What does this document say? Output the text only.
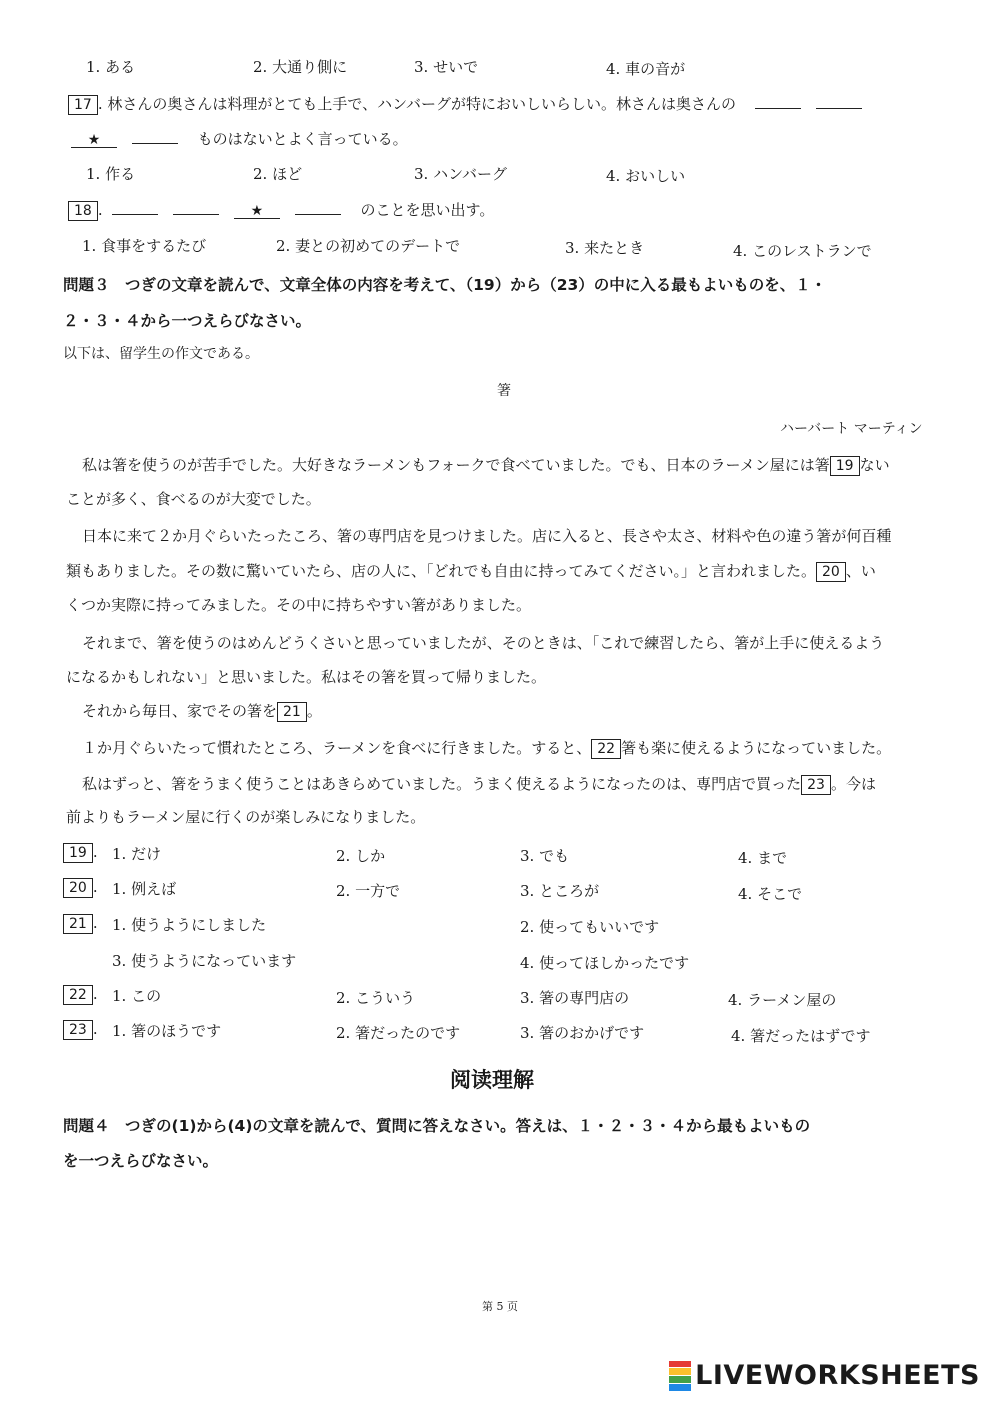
1. ある	2. 大通り側に	3. せいで	4. 車の音が
17 . 林さんの奥さんは料理がとても上手で、ハンバーグが特においしいらしい。林さんは奥さんの
★	ものはないとよく言っている。
1. 作る	2. ほど	3. ハンバーグ	4. おいしい
18 .	★	のことを思い出す。
1. 食事をするたび	2. 妻との初めてのデートで	3. 来たとき	4. このレストランで
問題３　つぎの文章を読んで、文章全体の内容を考えて、（19）から（23）の中に入る最もよいものを、１・
２・３・４から一つえらびなさい。
以下は、留学生の作文である。
箸
ハーバート マーティン
私は箸を使うのが苦手でした。大好きなラーメンもフォークで食べていました。でも、日本のラーメン屋には箸 19 ない
ことが多く、食べるのが大変でした。
日本に来て２か月ぐらいたったころ、箸の専門店を見つけました。店に入ると、長さや太さ、材料や色の違う箸が何百種
類もありました。その数に驚いていたら、店の人に、「どれでも自由に持ってみてください。」と言われました。 20 、い
くつか実際に持ってみました。その中に持ちやすい箸がありました。
それまで、箸を使うのはめんどうくさいと思っていましたが、そのときは、「これで練習したら、箸が上手に使えるよう
になるかもしれない」と思いました。私はその箸を買って帰りました。
それから毎日、家でその箸を 21 。
１か月ぐらいたって慣れたところ、ラーメンを食べに行きました。すると、 22 箸も楽に使えるようになっていました。
私はずっと、箸をうまく使うことはあきらめていました。うまく使えるようになったのは、専門店で買った 23 。今は
前よりもラーメン屋に行くのが楽しみになりました。
19 . 1. だけ	2. しか	3. でも	4. まで
20 . 1. 例えば	2. 一方で	3. ところが	4. そこで
21 . 1. 使うようにしました	2. 使ってもいいです
3. 使うようになっています	4. 使ってほしかったです
22 . 1. この	2. こういう	3. 箸の専門店の	4. ラーメン屋の
23 . 1. 箸のほうです	2. 箸だったのです	3. 箸のおかげです	4. 箸だったはずです
阅读理解
問題４　つぎの(1)から(4)の文章を読んで、質問に答えなさい。答えは、１・２・３・４から最もよいもの
を一つえらびなさい。
第 5 页
LIVEWORKSHEETS
